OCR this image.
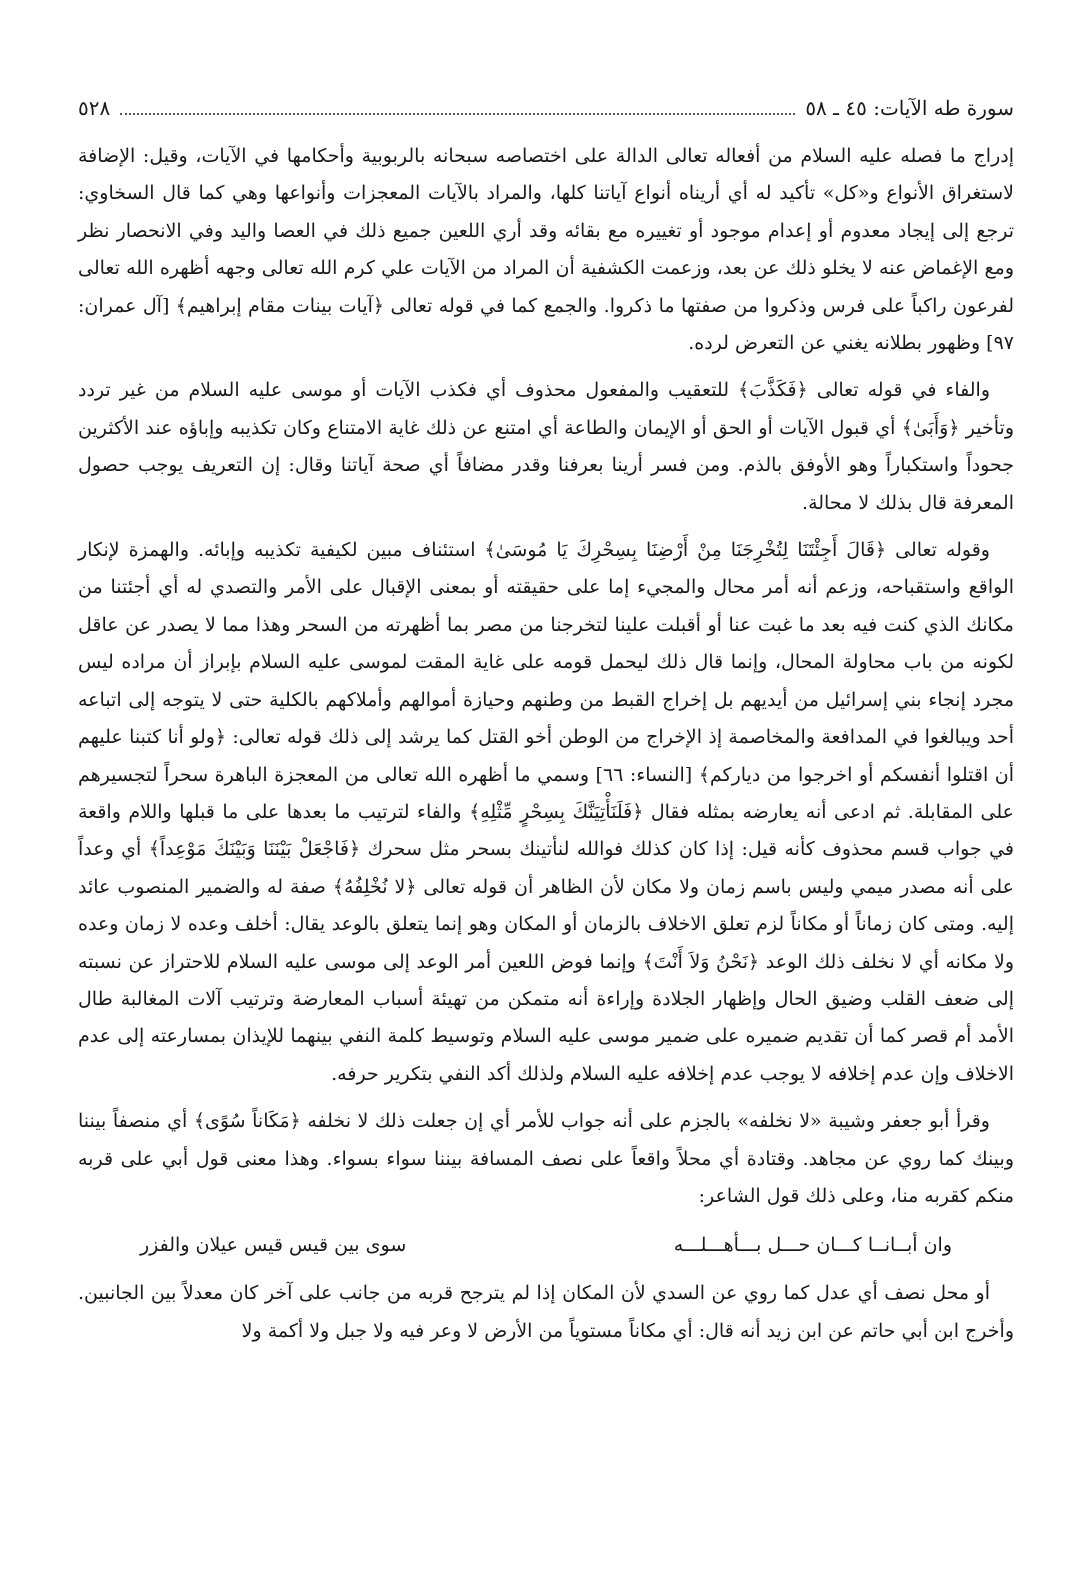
سورة طه الآيات: ٤٥ ـ ٥٨
٥٢٨

إدراج ما فصله عليه السلام من أفعاله تعالى الدالة على اختصاصه سبحانه بالربوبية وأحكامها في الآيات، وقيل: الإضافة لاستغراق الأنواع و«كل» تأكيد له أي أريناه أنواع آياتنا كلها، والمراد بالآيات المعجزات وأنواعها وهي كما قال السخاوي: ترجع إلى إيجاد معدوم أو إعدام موجود أو تغييره مع بقائه وقد أري اللعين جميع ذلك في العصا واليد وفي الانحصار نظر ومع الإغماض عنه لا يخلو ذلك عن بعد، وزعمت الكشفية أن المراد من الآيات علي كرم الله تعالى وجهه أظهره الله تعالى لفرعون راكباً على فرس وذكروا من صفتها ما ذكروا. والجمع كما في قوله تعالى ﴿آيات بينات مقام إبراهيم﴾ [آل عمران: ٩٧] وظهور بطلانه يغني عن التعرض لرده.

والفاء في قوله تعالى ﴿فَكَذَّبَ﴾ للتعقيب والمفعول محذوف أي فكذب الآيات أو موسى عليه السلام من غير تردد وتأخير ﴿وَأَبَىٰ﴾ أي قبول الآيات أو الحق أو الإيمان والطاعة أي امتنع عن ذلك غاية الامتناع وكان تكذيبه وإباؤه عند الأكثرين جحوداً واستكباراً وهو الأوفق بالذم. ومن فسر أرينا بعرفنا وقدر مضافاً أي صحة آياتنا وقال: إن التعريف يوجب حصول المعرفة قال بذلك لا محالة.

وقوله تعالى ﴿قَالَ أَجِئْتَنَا لِتُخْرِجَنَا مِنْ أَرْضِنَا بِسِحْرِكَ يَا مُوسَىٰ﴾ استئناف مبين لكيفية تكذيبه وإبائه. والهمزة لإنكار الواقع واستقباحه، وزعم أنه أمر محال والمجيء إما على حقيقته أو بمعنى الإقبال على الأمر والتصدي له أي أجئتنا من مكانك الذي كنت فيه بعد ما غبت عنا أو أقبلت علينا لتخرجنا من مصر بما أظهرته من السحر وهذا مما لا يصدر عن عاقل لكونه من باب محاولة المحال، وإنما قال ذلك ليحمل قومه على غاية المقت لموسى عليه السلام بإبراز أن مراده ليس مجرد إنجاء بني إسرائيل من أيديهم بل إخراج القبط من وطنهم وحيازة أموالهم وأملاكهم بالكلية حتى لا يتوجه إلى اتباعه أحد ويبالغوا في المدافعة والمخاصمة إذ الإخراج من الوطن أخو القتل كما يرشد إلى ذلك قوله تعالى: ﴿ولو أنا كتبنا عليهم أن اقتلوا أنفسكم أو اخرجوا من دياركم﴾ [النساء: ٦٦] وسمي ما أظهره الله تعالى من المعجزة الباهرة سحراً لتجسيرهم على المقابلة. ثم ادعى أنه يعارضه بمثله فقال ﴿فَلَنَأْتِيَنَّكَ بِسِحْرٍ مِّثْلِهِ﴾ والفاء لترتيب ما بعدها على ما قبلها واللام واقعة في جواب قسم محذوف كأنه قيل: إذا كان كذلك فوالله لنأتينك بسحر مثل سحرك ﴿فَاجْعَلْ بَيْنَنَا وَبَيْنَكَ مَوْعِداً﴾ أي وعداً على أنه مصدر ميمي وليس باسم زمان ولا مكان لأن الظاهر أن قوله تعالى ﴿لا نُخْلِفُهُ﴾ صفة له والضمير المنصوب عائد إليه. ومتى كان زماناً أو مكاناً لزم تعلق الاخلاف بالزمان أو المكان وهو إنما يتعلق بالوعد يقال: أخلف وعده لا زمان وعده ولا مكانه أي لا نخلف ذلك الوعد ﴿نَحْنُ وَلاَ أَنْتَ﴾ وإنما فوض اللعين أمر الوعد إلى موسى عليه السلام للاحتراز عن نسبته إلى ضعف القلب وضيق الحال وإظهار الجلادة وإراءة أنه متمكن من تهيئة أسباب المعارضة وترتيب آلات المغالبة طال الأمد أم قصر كما أن تقديم ضميره على ضمير موسى عليه السلام وتوسيط كلمة النفي بينهما للإيذان بمسارعته إلى عدم الاخلاف وإن عدم إخلافه لا يوجب عدم إخلافه عليه السلام ولذلك أكد النفي بتكرير حرفه.

وقرأ أبو جعفر وشيبة «لا نخلفه» بالجزم على أنه جواب للأمر أي إن جعلت ذلك لا نخلفه ﴿مَكَاناً سُوًى﴾ أي منصفاً بيننا وبينك كما روي عن مجاهد. وقتادة أي محلاً واقعاً على نصف المسافة بيننا سواء بسواء. وهذا معنى قول أبي على قربه منكم كقربه منا، وعلى ذلك قول الشاعر:

وان أبــانــا كـــان حـــل بـــأهـــلـــه
سوى بين قيس قيس عيلان والفزر

أو محل نصف أي عدل كما روي عن السدي لأن المكان إذا لم يترجح قربه من جانب على آخر كان معدلاً بين الجانبين. وأخرج ابن أبي حاتم عن ابن زيد أنه قال: أي مكاناً مستوياً من الأرض لا وعر فيه ولا جبل ولا أكمة ولا
